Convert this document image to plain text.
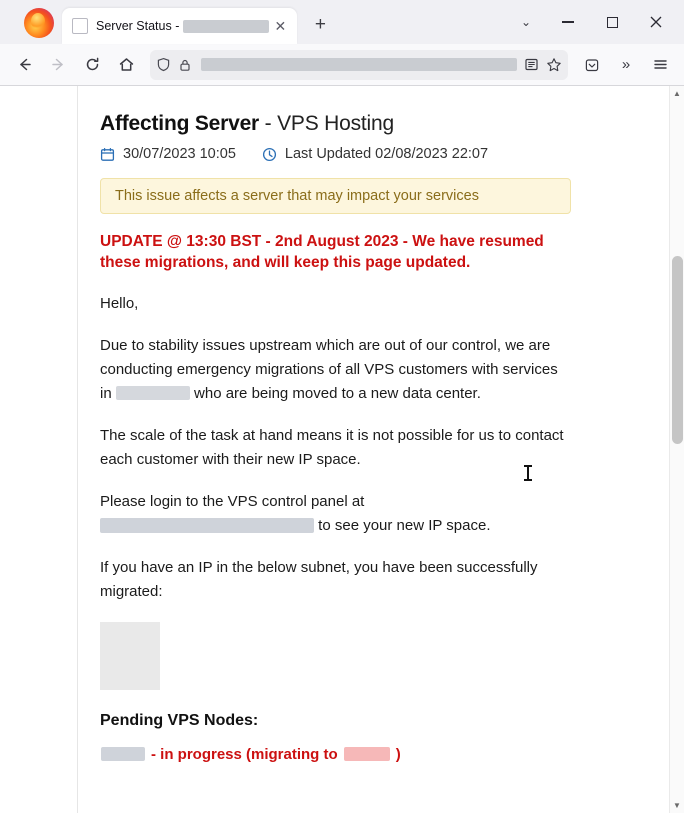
Server Status -	✕	+	⌄
»
Affecting Server - VPS Hosting
30/07/2023 10:05	Last Updated 02/08/2023 22:07
This issue affects a server that may impact your services
UPDATE @ 13:30 BST - 2nd August 2023 - We have resumed these migrations, and will keep this page updated.

Hello,

Due to stability issues upstream which are out of our control, we are conducting emergency migrations of all VPS customers with services in	who are being moved to a new data center.

The scale of the task at hand means it is not possible for us to contact each customer with their new IP space.

Please login to the VPS control panel at
to see your new IP space.

If you have an IP in the below subnet, you have been successfully migrated:

Pending VPS Nodes:
- in progress (migrating to	)
▲
▼
